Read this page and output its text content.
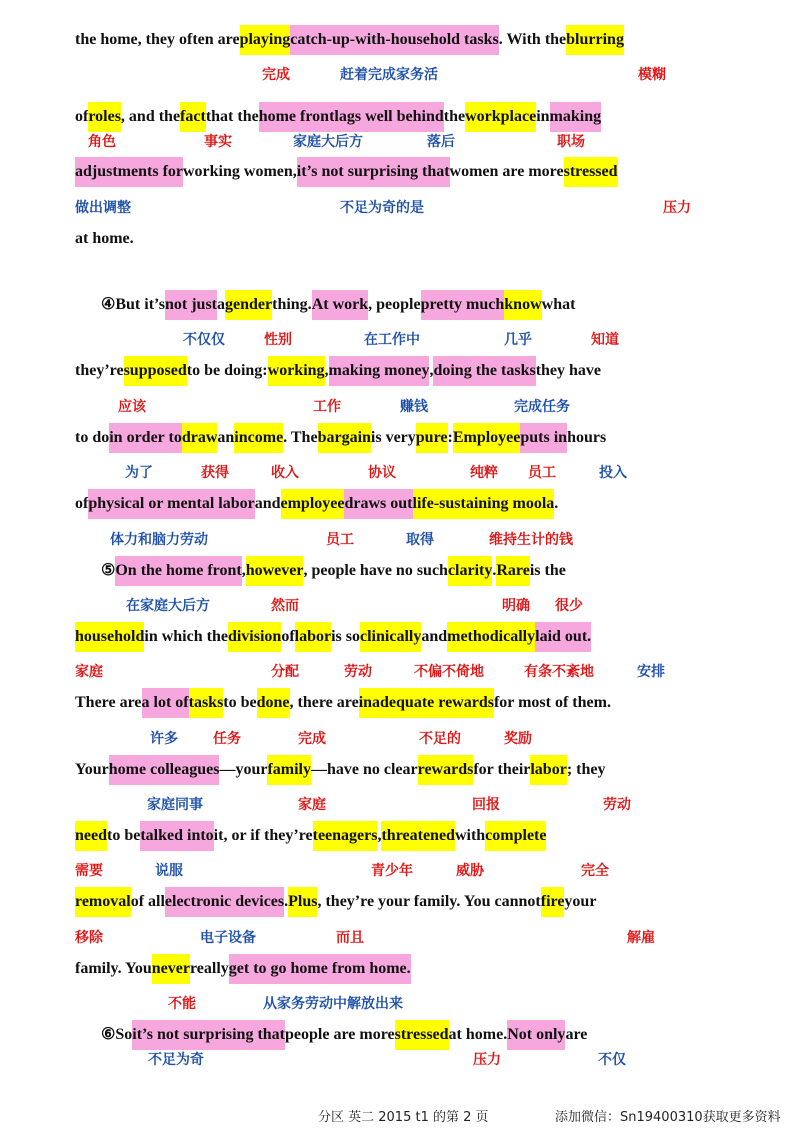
the home, they often areplayingcatch-up-with-household tasks. With theblurring
ofroles, and thefactthat thehome frontlags well behindtheworkplaceinmaking
adjustments forworking women,it’s not surprising thatwomen are morestressed
at home.
④But it’snot justagenderthing.At work, peoplepretty muchknowwhat
they’resupposedto be doing:working,making money,doing the tasksthey have
to doin order todrawanincome. Thebargainis verypure:Employeeputs inhours
ofphysical or mental laborandemployeedraws outlife-sustaining moola.
⑤On the home front,however, people have no suchclarity.Rareis the
householdin which thedivisionoflaboris soclinicallyandmethodicallylaid out.
There area lot oftasksto bedone, there areinadequate rewardsfor most of them.
Yourhome colleagues—yourfamily—have no clearrewardsfor theirlabor; they
needto betalked intoit, or if they’reteenagers,threatenedwithcomplete
removalof allelectronic devices.Plus, they’re your family. You cannotfireyour
family. Youneverreallyget to go home from home.
⑥Soit’s not surprising thatpeople are morestressedat home.Not onlyare
完成	赶着完成家务活	模糊
角色	事实	家庭大后方	落后	职场
做出调整	不足为奇的是	压力
不仅仅	性别	在工作中	几乎	知道
应该	工作	赚钱	完成任务
为了	获得	收入	协议	纯粹 员工	投入
体力和脑力劳动	员工	取得	维持生计的钱
在家庭大后方	然而	明确 很少
家庭	分配	劳动	不偏不倚地	有条不紊地	安排
许多	任务	完成	不足的	奖励
家庭同事	家庭	回报	劳动
需要	说服	青少年	威胁	完全
移除	电子设备	而且	解雇
不能	从家务劳动中解放出来
不足为奇	压力	不仅
分区 英二 2015 t1 的第 2 页	添加微信：Sn19400310获取更多资料
